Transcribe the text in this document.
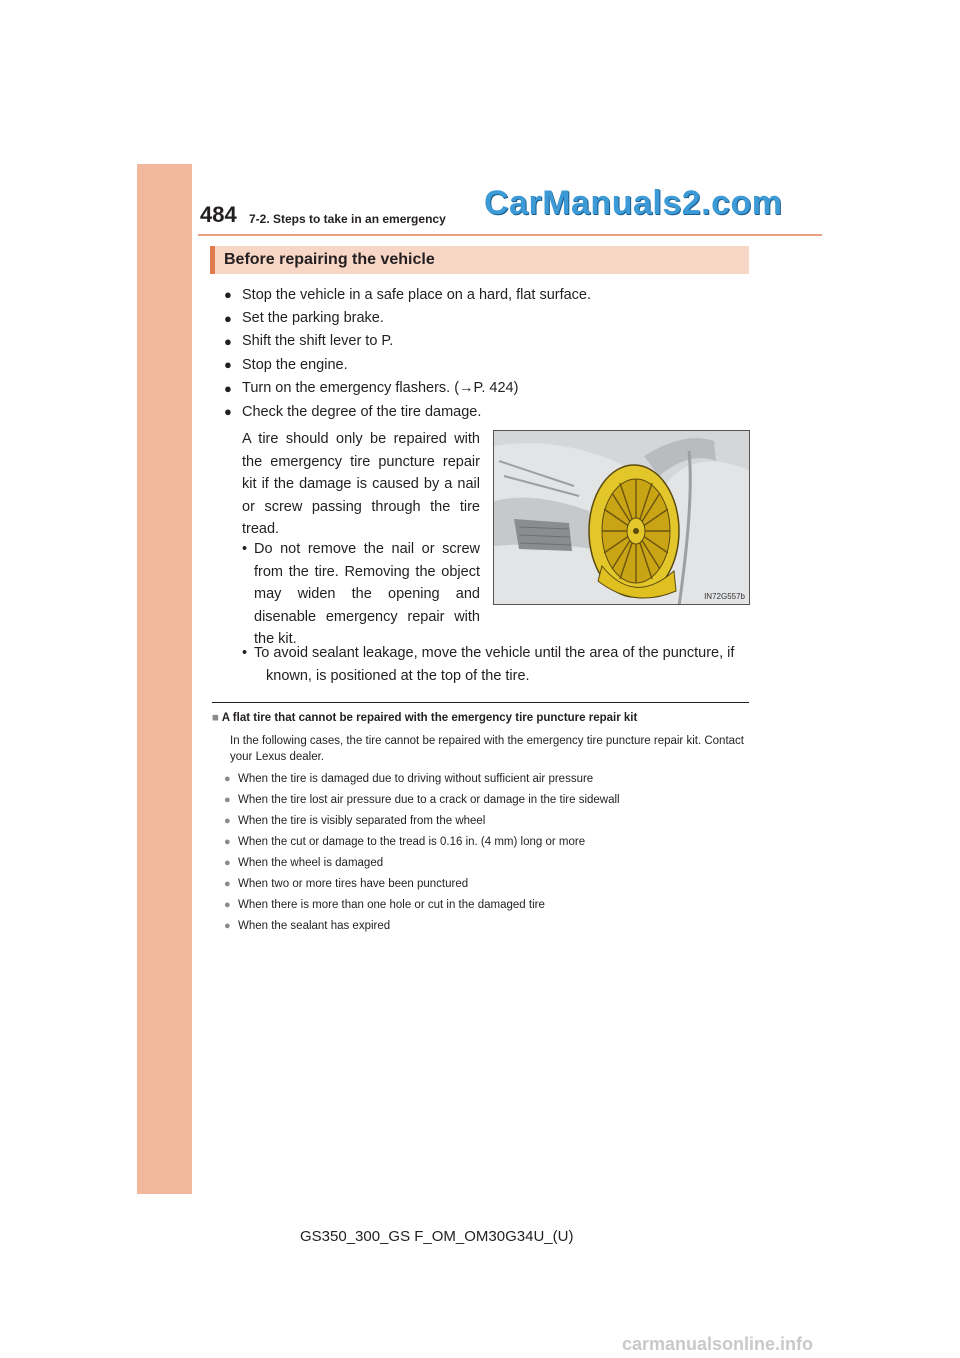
484 7-2. Steps to take in an emergency CarManuals2.com
Before repairing the vehicle
● Stop the vehicle in a safe place on a hard, flat surface.
● Set the parking brake.
● Shift the shift lever to P.
● Stop the engine.
● Turn on the emergency flashers. (→P. 424)
● Check the degree of the tire damage.
A tire should only be repaired with the emergency tire puncture repair kit if the damage is caused by a nail or screw passing through the tire tread.
• Do not remove the nail or screw from the tire. Removing the object may widen the opening and disenable emergency repair with the kit.
• To avoid sealant leakage, move the vehicle until the area of the puncture, if
known, is positioned at the top of the tire.
IN72G557b
■ A flat tire that cannot be repaired with the emergency tire puncture repair kit
In the following cases, the tire cannot be repaired with the emergency tire puncture repair kit. Contact your Lexus dealer.
● When the tire is damaged due to driving without sufficient air pressure
● When the tire lost air pressure due to a crack or damage in the tire sidewall
● When the tire is visibly separated from the wheel
● When the cut or damage to the tread is 0.16 in. (4 mm) long or more
● When the wheel is damaged
● When two or more tires have been punctured
● When there is more than one hole or cut in the damaged tire
● When the sealant has expired
GS350_300_GS F_OM_OM30G34U_(U)
carmanualsonline.info
